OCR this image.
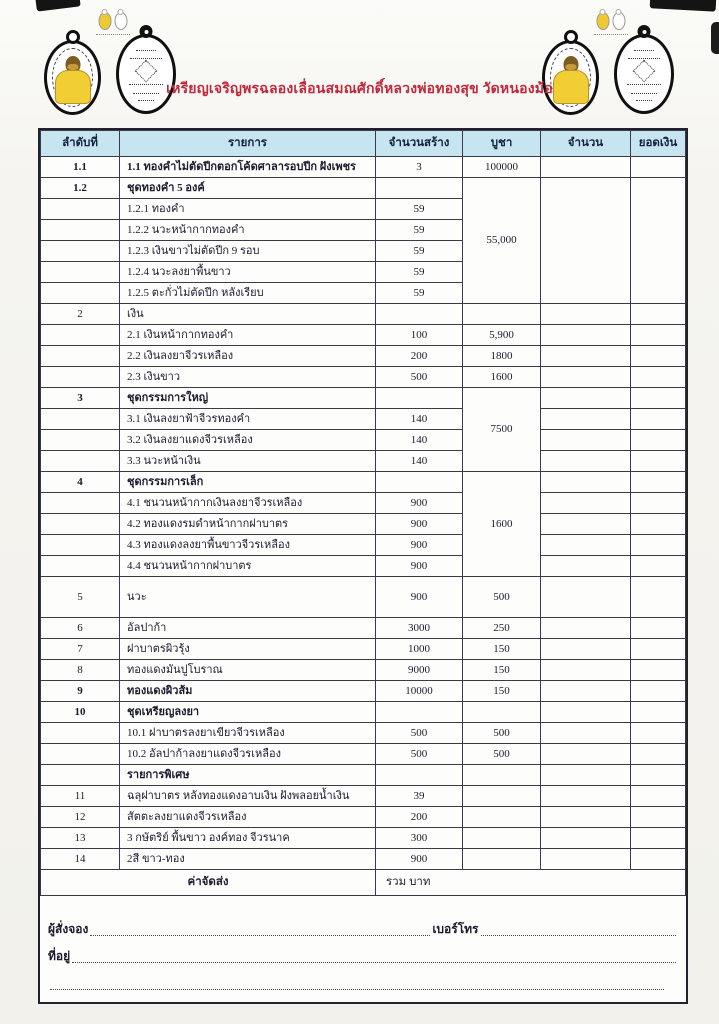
เหรียญเจริญพรฉลองเลื่อนสมณศักดิ์หลวงพ่อทองสุข วัดหนองม้อ
ลำดับที่	รายการ	จำนวนสร้าง	บูชา	จำนวน	ยอดเงิน
1.1	1.1 ทองคำไม่ตัดปีกตอกโค้ดศาลารอบปีก ฝังเพชร	3	100000		
1.2	ชุดทองคำ 5 องค์		55,000		
	1.2.1 ทองคำ	59			
	1.2.2 นวะหน้ากากทองคำ	59			
	1.2.3 เงินขาวไม่ตัดปีก 9 รอบ	59			
	1.2.4 นวะลงยาพื้นขาว	59			
	1.2.5 ตะกั่วไม่ตัดปีก หลังเรียบ	59			
2	เงิน				
	2.1 เงินหน้ากากทองคำ	100	5,900		
	2.2 เงินลงยาจีวรเหลือง	200	1800		
	2.3 เงินขาว	500	1600		
3	ชุดกรรมการใหญ่		7500		
	3.1 เงินลงยาฟ้าจีวรทองคำ	140			
	3.2 เงินลงยาแดงจีวรเหลือง	140			
	3.3 นวะหน้าเงิน	140			
4	ชุดกรรมการเล็ก		1600		
	4.1 ชนวนหน้ากากเงินลงยาจีวรเหลือง	900			
	4.2 ทองแดงรมดำหน้ากากฝาบาตร	900			
	4.3 ทองแดงลงยาพื้นขาวจีวรเหลือง	900			
	4.4 ชนวนหน้ากากฝาบาตร	900			
5	นวะ	900	500		
6	อัลปาก้า	3000	250		
7	ฝาบาตรผิวรุ้ง	1000	150		
8	ทองแดงมันปูโบราณ	9000	150		
9	ทองแดงผิวส้ม	10000	150		
10	ชุดเหรียญลงยา				
	10.1 ฝาบาตรลงยาเขียวจีวรเหลือง	500	500		
	10.2 อัลปาก้าลงยาแดงจีวรเหลือง	500	500		
	รายการพิเศษ				
11	ฉลุฝาบาตร หลังทองแดงอาบเงิน ฝังพลอยน้ำเงิน	39			
12	สัตตะลงยาแดงจีวรเหลือง	200			
13	3 กษัตริย์ พื้นขาว องค์ทอง จีวรนาค	300			
14	2สี ขาว-ทอง	900			
ค่าจัดส่ง		รวม บาท			
ผู้สั่งจอง	เบอร์โทร
ที่อยู่
